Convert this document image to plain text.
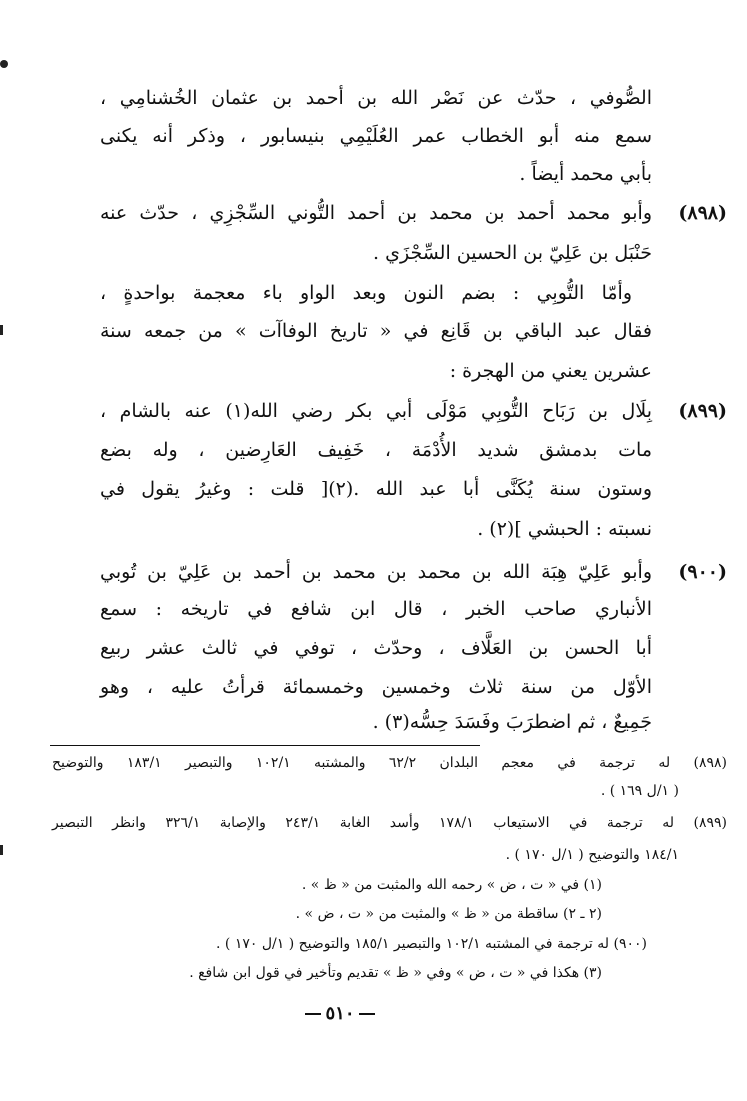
الصُّوفي ، حدّث عن نَصْر الله بن أحمد بن عثمان الخُشنامِي ،
سمع منه أبو الخطاب عمر العُلَيْمِي بنيسابور ، وذكر أنه يكنى
بأبي محمد أيضاً .
(٨٩٨)
وأبو محمد أحمد بن محمد بن أحمد التُّوني السِّجْزِي ، حدّث عنه
حَنْبَل بن عَلِيّ بن الحسين السِّجْزَي .
وأمّا التُّوبِي : بضم النون وبعد الواو باء معجمة بواحدةٍ ،
فقال عبد الباقي بن قَانِع في « تاريخ الوفاآت » من جمعه سنة
عشرين يعني من الهجرة :
(٨٩٩)
بِلَال بن رَبَاح التُّوبِي مَوْلَى أبي بكر رضي الله(١) عنه بالشام ،
مات بدمشق شديد الأُدْمَة ، خَفِيف العَارِضين ، وله بضع
وستون سنة يُكَنَّى أبا عبد الله .(٢)[ قلت : وغيرُ يقول في
نسبته : الحبشي ](٢) .
(٩٠٠)
وأبو عَلِيّ هِبَة الله بن محمد بن محمد بن أحمد بن عَلِيّ بن تُوبي
الأنباري صاحب الخبر ، قال ابن شافع في تاريخه : سمع
أبا الحسن بن العَلَّاف ، وحدّث ، توفي في ثالث عشر ربيع
الأوّل من سنة ثلاث وخمسين وخمسمائة قرأتُ عليه ، وهو
جَمِيعٌ ، ثم اضطرَبَ وفَسَدَ حِسُّه(٣) .
(٨٩٨) له ترجمة في معجم البلدان ٦٢/٢ والمشتبه ١٠٢/١ والتبصير ١٨٣/١ والتوضيح
( ١/ل ١٦٩ ) .
(٨٩٩) له ترجمة في الاستيعاب ١٧٨/١ وأسد الغابة ٢٤٣/١ والإصابة ٣٢٦/١ وانظر التبصير
١٨٤/١ والتوضيح ( ١/ل ١٧٠ ) .
(١) في « ت ، ض » رحمه الله والمثبت من « ظ » .
(٢ ـ ٢) ساقطة من « ظ » والمثبت من « ت ، ض » .
(٩٠٠) له ترجمة في المشتبه ١٠٢/١ والتبصير ١٨٥/١ والتوضيح ( ١/ل ١٧٠ ) .
(٣) هكذا في « ت ، ض » وفي « ظ » تقديم وتأخير في قول ابن شافع .
٥١٠
